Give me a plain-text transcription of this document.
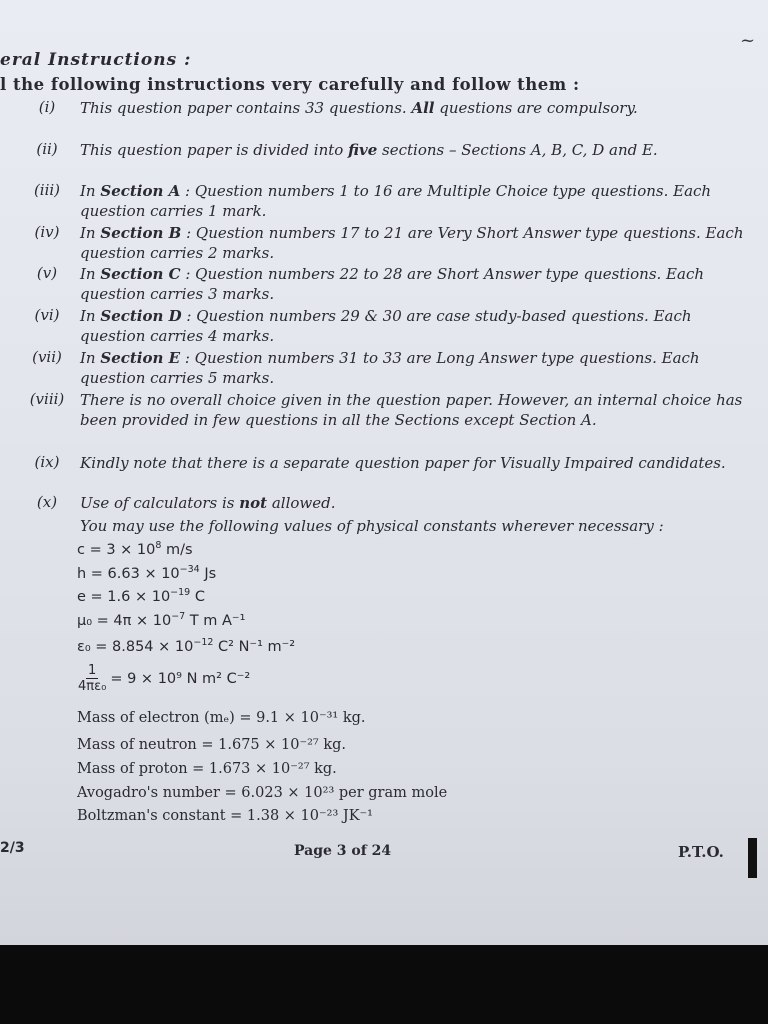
~
eral Instructions :
l the following instructions very carefully and follow them :
(i)	This question paper contains 33 questions. All questions are compulsory.
(ii)	This question paper is divided into five sections – Sections A, B, C, D and E.
(iii)	In Section A : Question numbers 1 to 16 are Multiple Choice type questions. Each question carries 1 mark.
(iv)	In Section B : Question numbers 17 to 21 are Very Short Answer type questions. Each question carries 2 marks.
(v)	In Section C : Question numbers 22 to 28 are Short Answer type questions. Each question carries 3 marks.
(vi)	In Section D : Question numbers 29 & 30 are case study-based questions. Each question carries 4 marks.
(vii)	In Section E : Question numbers 31 to 33 are Long Answer type questions. Each question carries 5 marks.
(viii)	There is no overall choice given in the question paper. However, an internal choice has been provided in few questions in all the Sections except Section A.
(ix)	Kindly note that there is a separate question paper for Visually Impaired candidates.
(x)	Use of calculators is not allowed.
You may use the following values of physical constants wherever necessary :
$c = 3 \times 10^8$ m/s
$h = 6.63 \times 10^{-34}$ Js
$e = 1.6 \times 10^{-19}$ C
$\mu_0 = 4\pi \times 10^{-7}$ T m A⁻¹
$\varepsilon_0 = 8.854 \times 10^{-12}$ C² N⁻¹ m⁻²
$\frac{1}{\text{4πε₀}} = 9 \times 10^9$ N m² C⁻²
Mass of electron (mₑ) = 9.1 × 10⁻³¹ kg.
Mass of neutron = 1.675 × 10⁻²⁷ kg.
Mass of proton = 1.673 × 10⁻²⁷ kg.
Avogadro's number = 6.023 × 10²³ per gram mole
Boltzman's constant = 1.38 × 10⁻²³ JK⁻¹
2/3	Page 3 of 24	P.T.O.
